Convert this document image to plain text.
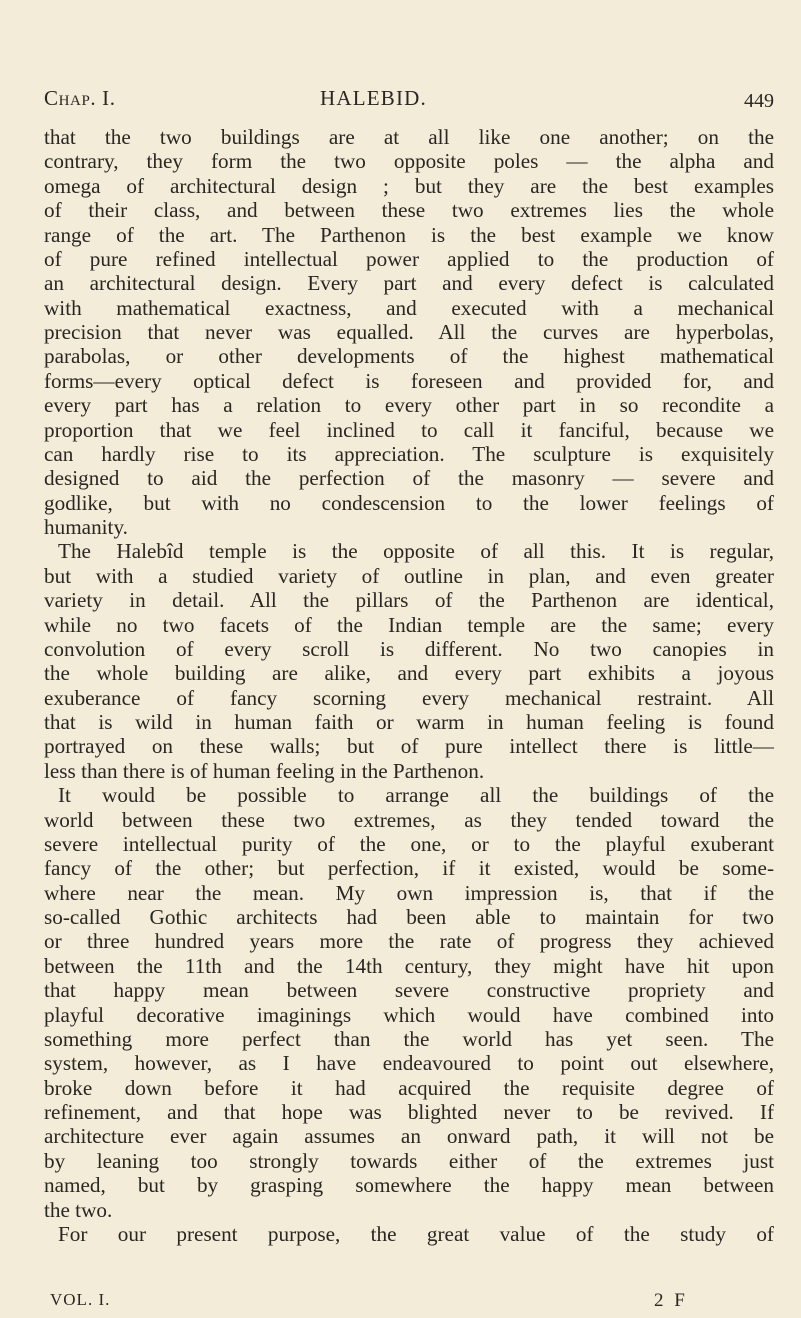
Chap. I.	HALEBID.	449
that the two buildings are at all like one another; on the
contrary, they form the two opposite poles — the alpha and
omega of architectural design ; but they are the best examples
of their class, and between these two extremes lies the whole
range of the art. The Parthenon is the best example we know
of pure refined intellectual power applied to the production of
an architectural design. Every part and every defect is calculated
with mathematical exactness, and executed with a mechanical
precision that never was equalled. All the curves are hyperbolas,
parabolas, or other developments of the highest mathematical
forms—every optical defect is foreseen and provided for, and
every part has a relation to every other part in so recondite a
proportion that we feel inclined to call it fanciful, because we
can hardly rise to its appreciation. The sculpture is exquisitely
designed to aid the perfection of the masonry — severe and
godlike, but with no condescension to the lower feelings of
humanity.
The Halebîd temple is the opposite of all this. It is regular,
but with a studied variety of outline in plan, and even greater
variety in detail. All the pillars of the Parthenon are identical,
while no two facets of the Indian temple are the same; every
convolution of every scroll is different. No two canopies in
the whole building are alike, and every part exhibits a joyous
exuberance of fancy scorning every mechanical restraint. All
that is wild in human faith or warm in human feeling is found
portrayed on these walls; but of pure intellect there is little—
less than there is of human feeling in the Parthenon.
It would be possible to arrange all the buildings of the
world between these two extremes, as they tended toward the
severe intellectual purity of the one, or to the playful exuberant
fancy of the other; but perfection, if it existed, would be some-
where near the mean. My own impression is, that if the
so-called Gothic architects had been able to maintain for two
or three hundred years more the rate of progress they achieved
between the 11th and the 14th century, they might have hit upon
that happy mean between severe constructive propriety and
playful decorative imaginings which would have combined into
something more perfect than the world has yet seen. The
system, however, as I have endeavoured to point out elsewhere,
broke down before it had acquired the requisite degree of
refinement, and that hope was blighted never to be revived. If
architecture ever again assumes an onward path, it will not be
by leaning too strongly towards either of the extremes just
named, but by grasping somewhere the happy mean between
the two.
For our present purpose, the great value of the study of
VOL. I.	2 F
